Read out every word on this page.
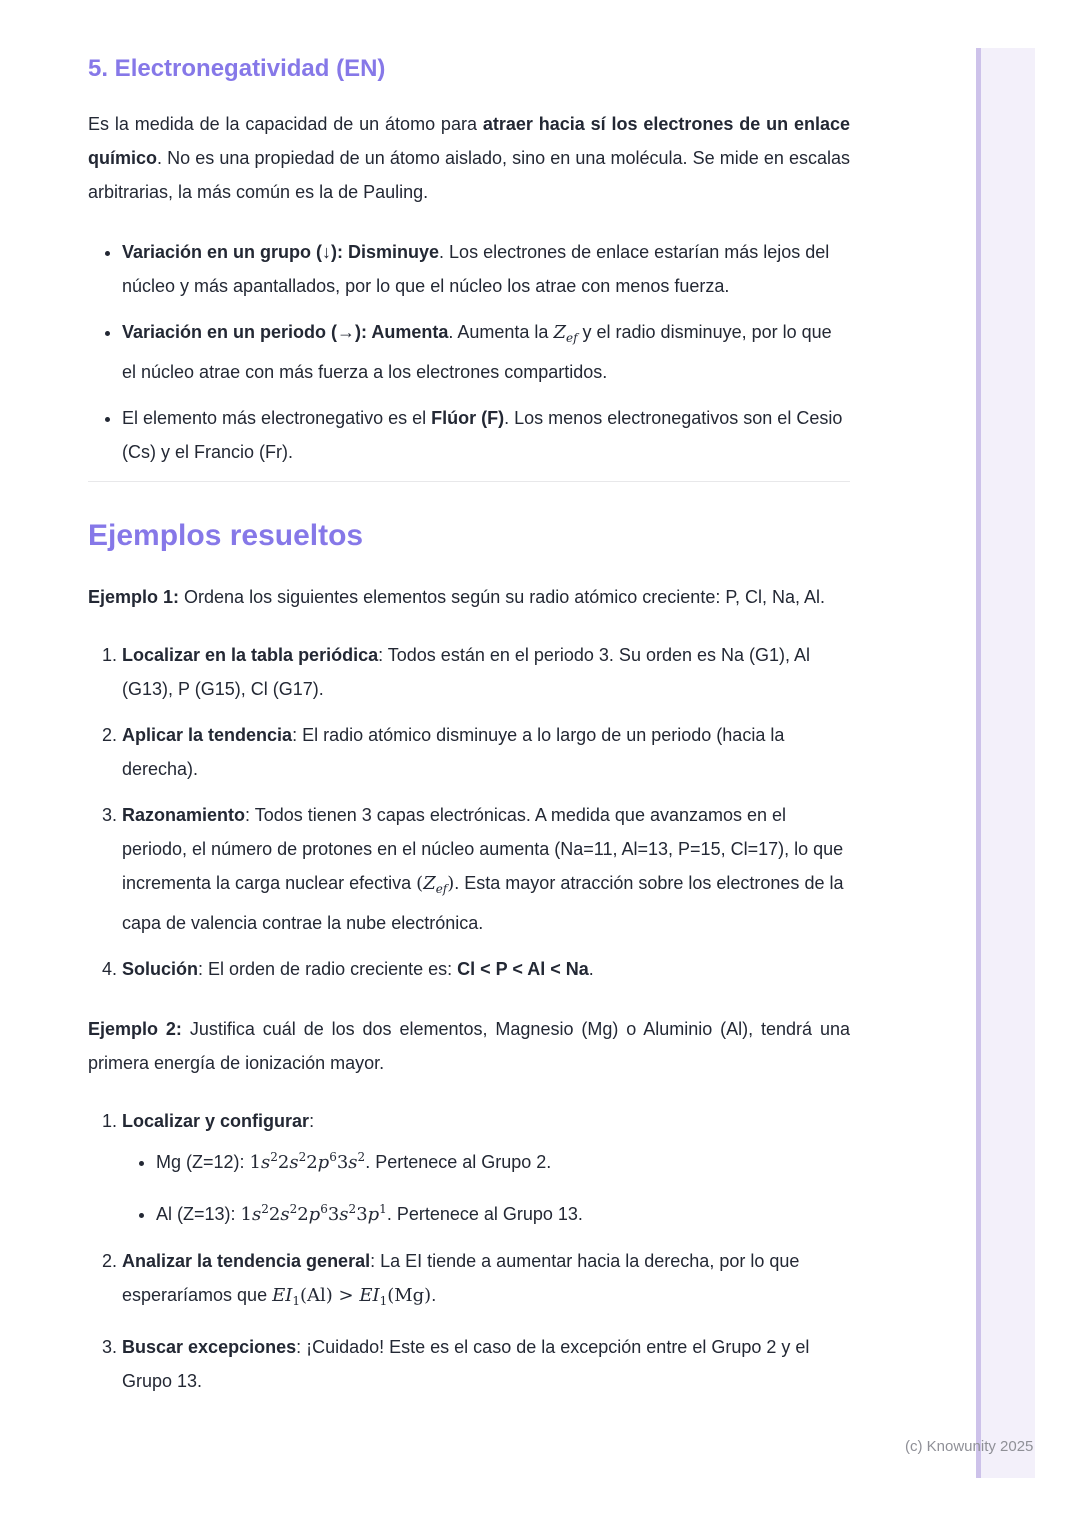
5. Electronegatividad (EN)

Es la medida de la capacidad de un átomo para atraer hacia sí los electrones de un enlace químico. No es una propiedad de un átomo aislado, sino en una molécula. Se mide en escalas arbitrarias, la más común es la de Pauling.

• Variación en un grupo (↓): Disminuye. Los electrones de enlace estarían más lejos del núcleo y más apantallados, por lo que el núcleo los atrae con menos fuerza.
• Variación en un periodo (→): Aumenta. Aumenta la $Z_{ef}$ y el radio disminuye, por lo que el núcleo atrae con más fuerza a los electrones compartidos.
• El elemento más electronegativo es el Flúor (F). Los menos electronegativos son el Cesio (Cs) y el Francio (Fr).
Ejemplos resueltos

Ejemplo 1: Ordena los siguientes elementos según su radio atómico creciente: P, Cl, Na, Al.

1. Localizar en la tabla periódica: Todos están en el periodo 3. Su orden es Na (G1), Al (G13), P (G15), Cl (G17).
2. Aplicar la tendencia: El radio atómico disminuye a lo largo de un periodo (hacia la derecha).
3. Razonamiento: Todos tienen 3 capas electrónicas. A medida que avanzamos en el periodo, el número de protones en el núcleo aumenta (Na=11, Al=13, P=15, Cl=17), lo que incrementa la carga nuclear efectiva $(Z_{ef})$. Esta mayor atracción sobre los electrones de la capa de valencia contrae la nube electrónica.
4. Solución: El orden de radio creciente es: Cl < P < Al < Na.

Ejemplo 2: Justifica cuál de los dos elementos, Magnesio (Mg) o Aluminio (Al), tendrá una primera energía de ionización mayor.

1. Localizar y configurar:
• Mg (Z=12): $1s^22s^22p^63s^2$. Pertenece al Grupo 2.
• Al (Z=13): $1s^22s^22p^63s^23p^1$. Pertenece al Grupo 13.
2. Analizar la tendencia general: La EI tiende a aumentar hacia la derecha, por lo que esperaríamos que $EI_1(Al) > EI_1(Mg)$.
3. Buscar excepciones: ¡Cuidado! Este es el caso de la excepción entre el Grupo 2 y el Grupo 13.
(c) Knowunity 2025
